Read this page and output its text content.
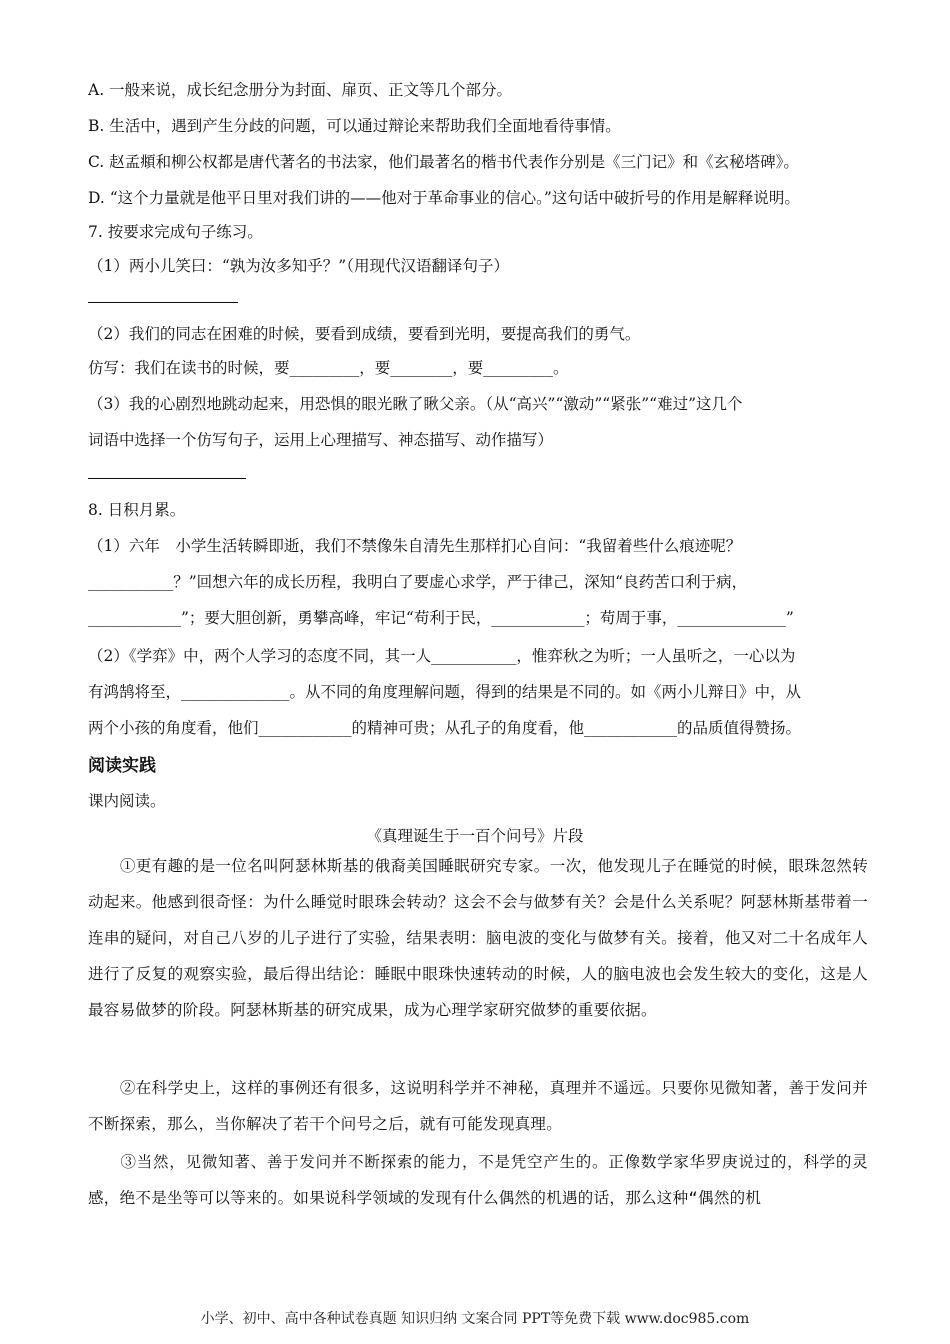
A. 一般来说，成长纪念册分为封面、扉页、正文等几个部分。
B. 生活中，遇到产生分歧的问题，可以通过辩论来帮助我们全面地看待事情。
C. 赵孟頫和柳公权都是唐代著名的书法家，他们最著名的楷书代表作分别是《三门记》和《玄秘塔碑》。
D. “这个力量就是他平日里对我们讲的——他对于革命事业的信心。”这句话中破折号的作用是解释说明。
7. 按要求完成句子练习。
（1）两小儿笑曰：“孰为汝多知乎？”（用现代汉语翻译句子）
（2）我们的同志在困难的时候，要看到成绩，要看到光明，要提高我们的勇气。
仿写：我们在读书的时候，要_________，要________，要_________。
（3）我的心剧烈地跳动起来，用恐惧的眼光瞅了瞅父亲。（从“高兴”“激动”“紧张”“难过”这几个
词语中选择一个仿写句子，运用上心理描写、神态描写、动作描写）
8. 日积月累。
（1）六年　小学生活转瞬即逝，我们不禁像朱自清先生那样扪心自问：“我留着些什么痕迹呢？
___________？”回想六年的成长历程，我明白了要虚心求学，严于律己，深知“良药苦口利于病，
____________”；要大胆创新，勇攀高峰，牢记“苟利于民，____________；苟周于事，______________”
（2）《学弈》中，两个人学习的态度不同，其一人___________，惟弈秋之为听；一人虽听之，一心以为
有鸿鹄将至，______________。从不同的角度理解问题，得到的结果是不同的。如《两小儿辩日》中，从
两个小孩的角度看，他们____________的精神可贵；从孔子的角度看，他____________的品质值得赞扬。
阅读实践
课内阅读。
《真理诞生于一百个问号》片段
　　①更有趣的是一位名叫阿瑟林斯基的俄裔美国睡眠研究专家。一次，他发现儿子在睡觉的时候，眼珠忽然转动起来。他感到很奇怪：为什么睡觉时眼珠会转动？这会不会与做梦有关？会是什么关系呢？阿瑟林斯基带着一连串的疑问，对自己八岁的儿子进行了实验，结果表明：脑电波的变化与做梦有关。接着，他又对二十名成年人进行了反复的观察实验，最后得出结论：睡眠中眼珠快速转动的时候，人的脑电波也会发生较大的变化，这是人最容易做梦的阶段。阿瑟林斯基的研究成果，成为心理学家研究做梦的重要依据。
　　②在科学史上，这样的事例还有很多，这说明科学并不神秘，真理并不遥远。只要你见微知著，善于发问并不断探索，那么，当你解决了若干个问号之后，就有可能发现真理。
　　③当然，见微知著、善于发问并不断探索的能力，不是凭空产生的。正像数学家华罗庚说过的，科学的灵感，绝不是坐等可以等来的。如果说科学领域的发现有什么偶然的机遇的话，那么这种“偶然的机
小学、初中、高中各种试卷真题 知识归纳 文案合同 PPT等免费下载 www.doc985.com
